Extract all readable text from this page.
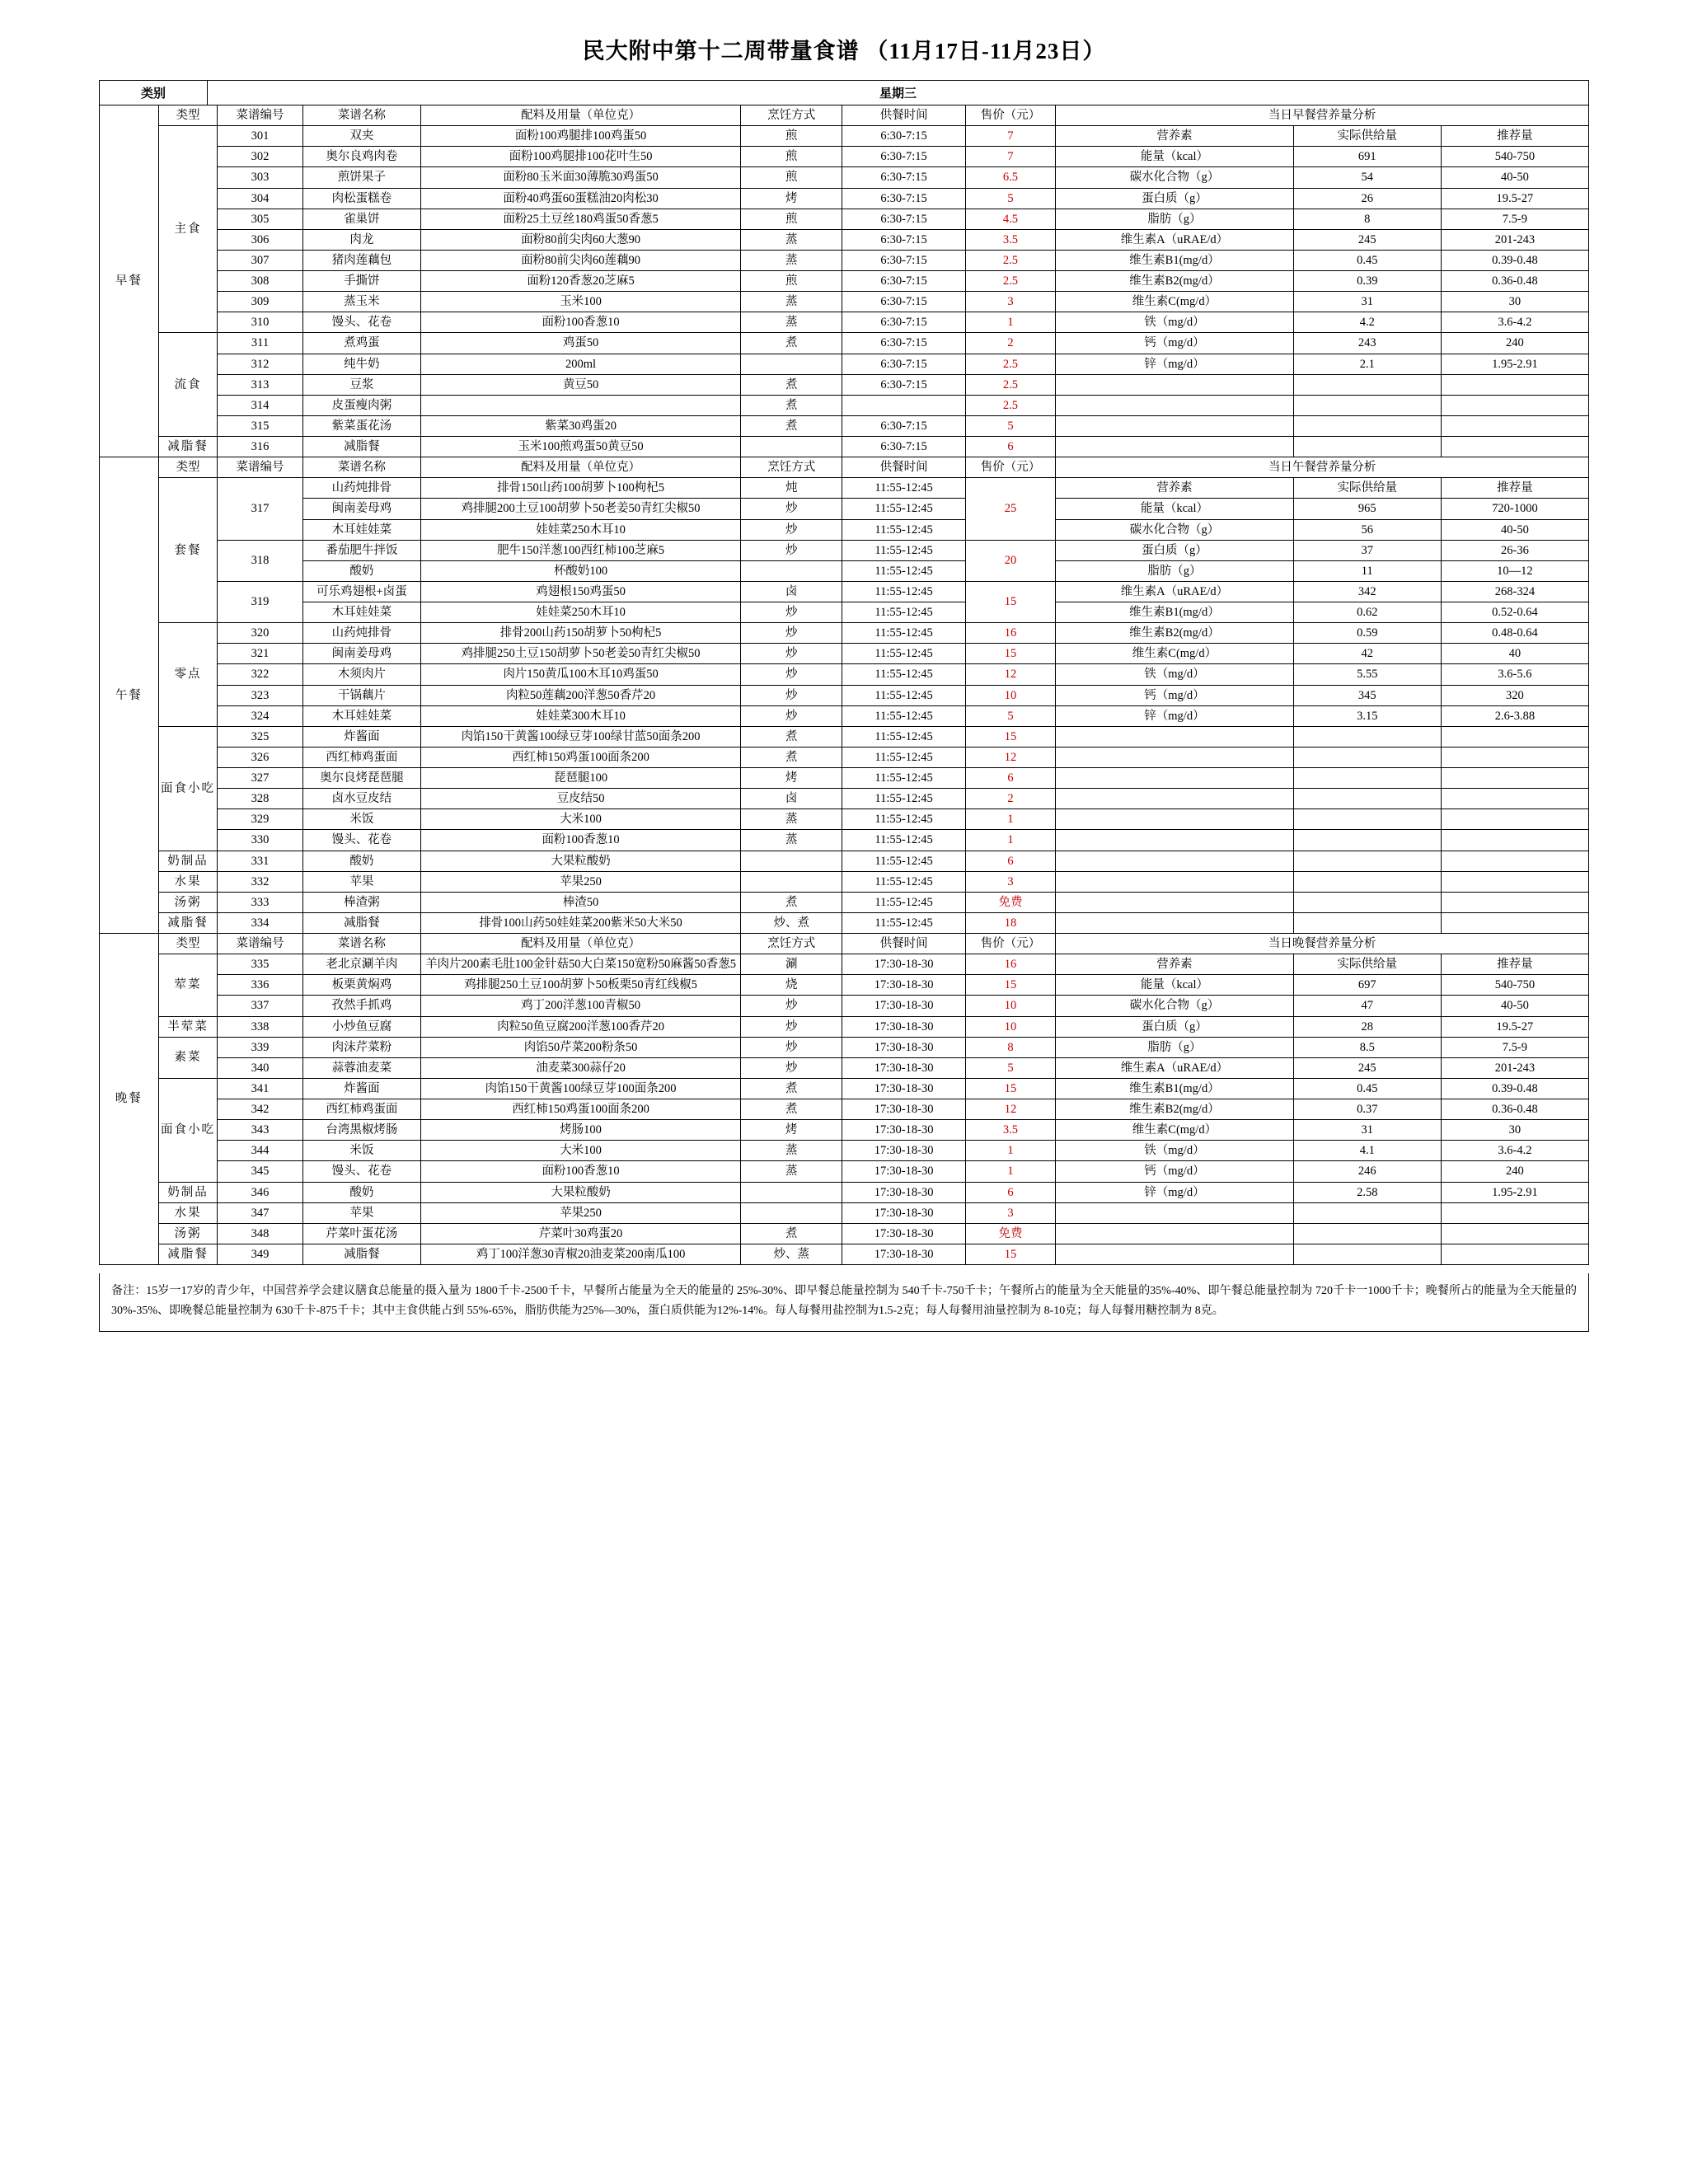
民大附中第十二周带量食谱 （11月17日-11月23日）
类别	星期三
早餐	类型	菜谱编号	菜谱名称	配料及用量（单位克）	烹饪方式	供餐时间	售价（元）	当日早餐营养量分析		
	主食	301	双夹	面粉100鸡腿排100鸡蛋50	煎	6:30-7:15	7	营养素	实际供给量	推荐量
		302	奥尔良鸡肉卷	面粉100鸡腿排100花叶生50	煎	6:30-7:15	7	能量（kcal）	691	540-750
		303	煎饼果子	面粉80玉米面30薄脆30鸡蛋50	煎	6:30-7:15	6.5	碳水化合物（g）	54	40-50
		304	肉松蛋糕卷	面粉40鸡蛋60蛋糕油20肉松30	烤	6:30-7:15	5	蛋白质（g）	26	19.5-27
		305	雀巢饼	面粉25土豆丝180鸡蛋50香葱5	煎	6:30-7:15	4.5	脂肪（g）	8	7.5-9
		306	肉龙	面粉80前尖肉60大葱90	蒸	6:30-7:15	3.5	维生素A（uRAE/d）	245	201-243
		307	猪肉莲藕包	面粉80前尖肉60莲藕90	蒸	6:30-7:15	2.5	维生素B1(mg/d）	0.45	0.39-0.48
		308	手撕饼	面粉120香葱20芝麻5	煎	6:30-7:15	2.5	维生素B2(mg/d）	0.39	0.36-0.48
		309	蒸玉米	玉米100	蒸	6:30-7:15	3	维生素C(mg/d）	31	30
		310	馒头、花卷	面粉100香葱10	蒸	6:30-7:15	1	铁（mg/d）	4.2	3.6-4.2
	流食	311	煮鸡蛋	鸡蛋50	煮	6:30-7:15	2	钙（mg/d）	243	240
		312	纯牛奶	200ml		6:30-7:15	2.5	锌（mg/d）	2.1	1.95-2.91
		313	豆浆	黄豆50	煮	6:30-7:15	2.5			
		314	皮蛋瘦肉粥		煮		2.5			
		315	紫菜蛋花汤	紫菜30鸡蛋20	煮	6:30-7:15	5			
	减脂餐	316	减脂餐	玉米100煎鸡蛋50黄豆50		6:30-7:15	6			
午餐	类型	菜谱编号	菜谱名称	配料及用量（单位克）	烹饪方式	供餐时间	售价（元）	当日午餐营养量分析		
	套餐	317	山药炖排骨	排骨150山药100胡萝卜100枸杞5	炖	11:55-12:45	25	营养素	实际供给量	推荐量
			闽南姜母鸡	鸡排腿200土豆100胡萝卜50老姜50青红尖椒50	炒	11:55-12:45		能量（kcal）	965	720-1000
			木耳娃娃菜	娃娃菜250木耳10	炒	11:55-12:45		碳水化合物（g）	56	40-50
		318	番茄肥牛拌饭	肥牛150洋葱100西红柿100芝麻5	炒	11:55-12:45	20	蛋白质（g）	37	26-36
			酸奶	杯酸奶100		11:55-12:45		脂肪（g）	11	10—12
		319	可乐鸡翅根+卤蛋	鸡翅根150鸡蛋50	卤	11:55-12:45	15	维生素A（uRAE/d）	342	268-324
			木耳娃娃菜	娃娃菜250木耳10	炒	11:55-12:45		维生素B1(mg/d）	0.62	0.52-0.64
	零点	320	山药炖排骨	排骨200山药150胡萝卜50枸杞5	炒	11:55-12:45	16	维生素B2(mg/d）	0.59	0.48-0.64
		321	闽南姜母鸡	鸡排腿250土豆150胡萝卜50老姜50青红尖椒50	炒	11:55-12:45	15	维生素C(mg/d）	42	40
		322	木须肉片	肉片150黄瓜100木耳10鸡蛋50	炒	11:55-12:45	12	铁（mg/d）	5.55	3.6-5.6
		323	干锅藕片	肉粒50莲藕200洋葱50香芹20	炒	11:55-12:45	10	钙（mg/d）	345	320
		324	木耳娃娃菜	娃娃菜300木耳10	炒	11:55-12:45	5	锌（mg/d）	3.15	2.6-3.88
	面食小吃	325	炸酱面	肉馅150干黄酱100绿豆芽100绿甘蓝50面条200	煮	11:55-12:45	15			
		326	西红柿鸡蛋面	西红柿150鸡蛋100面条200	煮	11:55-12:45	12			
		327	奥尔良烤琵琶腿	琵琶腿100	烤	11:55-12:45	6			
		328	卤水豆皮结	豆皮结50	卤	11:55-12:45	2			
		329	米饭	大米100	蒸	11:55-12:45	1			
		330	馒头、花卷	面粉100香葱10	蒸	11:55-12:45	1			
	奶制品	331	酸奶	大果粒酸奶		11:55-12:45	6			
	水果	332	苹果	苹果250		11:55-12:45	3			
	汤粥	333	棒渣粥	棒渣50	煮	11:55-12:45	免费			
	减脂餐	334	减脂餐	排骨100山药50娃娃菜200紫米50大米50	炒、煮	11:55-12:45	18			
晚餐	类型	菜谱编号	菜谱名称	配料及用量（单位克）	烹饪方式	供餐时间	售价（元）	当日晚餐营养量分析		
	荤菜	335	老北京涮羊肉	羊肉片200素毛肚100金针菇50大白菜150宽粉50麻酱50香葱5	涮	17:30-18-30	16	营养素	实际供给量	推荐量
		336	板栗黄焖鸡	鸡排腿250土豆100胡萝卜50板栗50青红线椒5	烧	17:30-18-30	15	能量（kcal）	697	540-750
		337	孜然手抓鸡	鸡丁200洋葱100青椒50	炒	17:30-18-30	10	碳水化合物（g）	47	40-50
	半荤菜	338	小炒鱼豆腐	肉粒50鱼豆腐200洋葱100香芹20	炒	17:30-18-30	10	蛋白质（g）	28	19.5-27
	素菜	339	肉沫芹菜粉	肉馅50芹菜200粉条50	炒	17:30-18-30	8	脂肪（g）	8.5	7.5-9
		340	蒜蓉油麦菜	油麦菜300蒜仔20	炒	17:30-18-30	5	维生素A（uRAE/d）	245	201-243
	面食小吃	341	炸酱面	肉馅150干黄酱100绿豆芽100面条200	煮	17:30-18-30	15	维生素B1(mg/d）	0.45	0.39-0.48
		342	西红柿鸡蛋面	西红柿150鸡蛋100面条200	煮	17:30-18-30	12	维生素B2(mg/d）	0.37	0.36-0.48
		343	台湾黑椒烤肠	烤肠100	烤	17:30-18-30	3.5	维生素C(mg/d）	31	30
		344	米饭	大米100	蒸	17:30-18-30	1	铁（mg/d）	4.1	3.6-4.2
		345	馒头、花卷	面粉100香葱10	蒸	17:30-18-30	1	钙（mg/d）	246	240
	奶制品	346	酸奶	大果粒酸奶		17:30-18-30	6	锌（mg/d）	2.58	1.95-2.91
	水果	347	苹果	苹果250		17:30-18-30	3			
	汤粥	348	芹菜叶蛋花汤	芹菜叶30鸡蛋20	煮	17:30-18-30	免费			
	减脂餐	349	减脂餐	鸡丁100洋葱30青椒20油麦菜200南瓜100	炒、蒸	17:30-18-30	15			
备注：15岁一17岁的青少年，中国营养学会建议膳食总能量的摄入量为 1800千卡-2500千卡，早餐所占能量为全天的能量的 25%-30%、即早餐总能量控制为 540千卡-750千卡；午餐所占的能量为全天能量的35%-40%、即午餐总能量控制为 720千卡一1000千卡；晚餐所占的能量为全天能量的 30%-35%、即晚餐总能量控制为 630千卡-875千卡；其中主食供能占到 55%-65%，脂肪供能为25%—30%，蛋白质供能为12%-14%。每人每餐用盐控制为1.5-2克；每人每餐用油量控制为 8-10克；每人每餐用糖控制为 8克。
